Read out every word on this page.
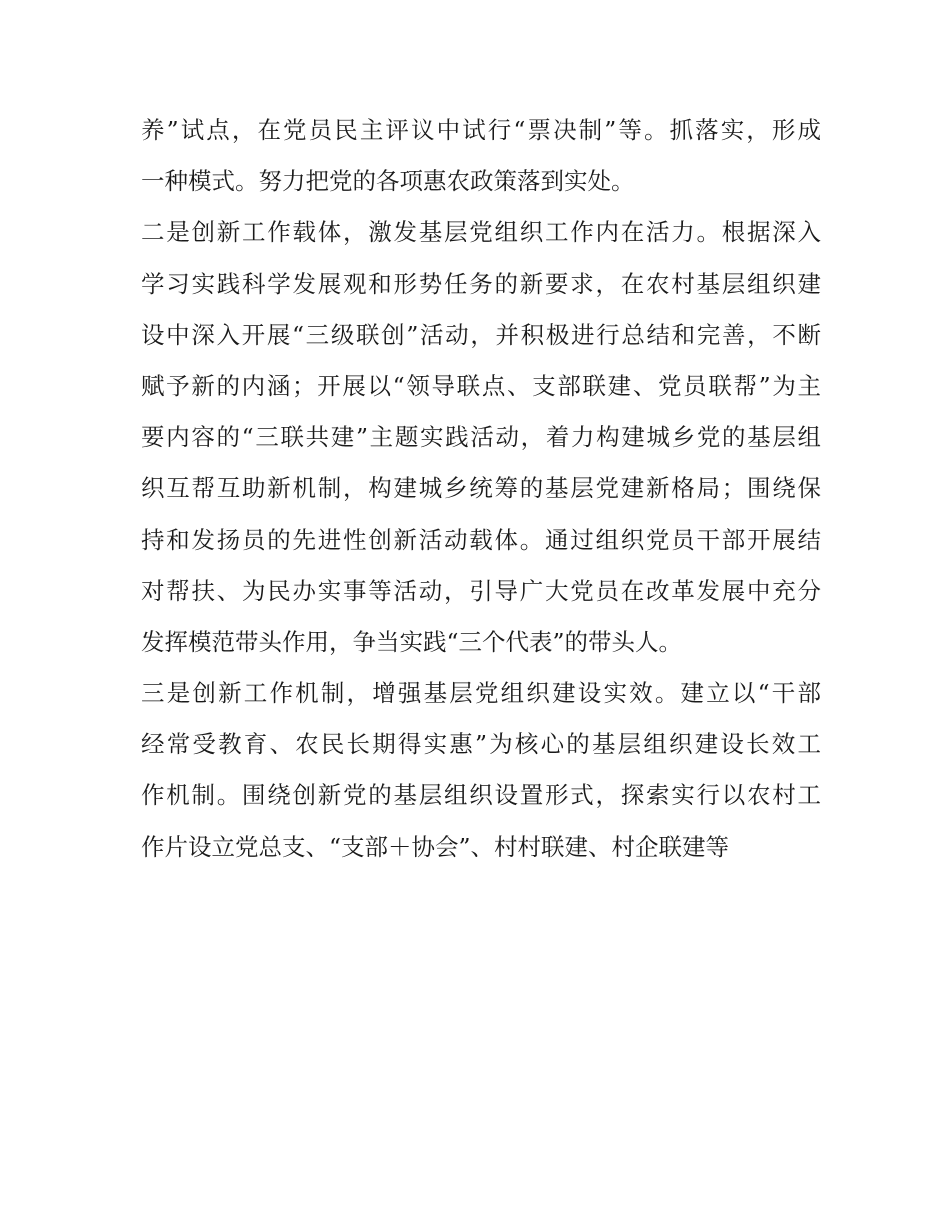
养”试点，在党员民主评议中试行“票决制”等。抓落实，形成
一种模式。努力把党的各项惠农政策落到实处。
二是创新工作载体，激发基层党组织工作内在活力。根据深入
学习实践科学发展观和形势任务的新要求，在农村基层组织建
设中深入开展“三级联创”活动，并积极进行总结和完善，不断
赋予新的内涵；开展以“领导联点、支部联建、党员联帮”为主
要内容的“三联共建”主题实践活动，着力构建城乡党的基层组
织互帮互助新机制，构建城乡统筹的基层党建新格局；围绕保
持和发扬员的先进性创新活动载体。通过组织党员干部开展结
对帮扶、为民办实事等活动，引导广大党员在改革发展中充分
发挥模范带头作用，争当实践“三个代表”的带头人。
三是创新工作机制，增强基层党组织建设实效。建立以“干部
经常受教育、农民长期得实惠”为核心的基层组织建设长效工
作机制。围绕创新党的基层组织设置形式，探索实行以农村工
作片设立党总支、“支部＋协会”、村村联建、村企联建等
